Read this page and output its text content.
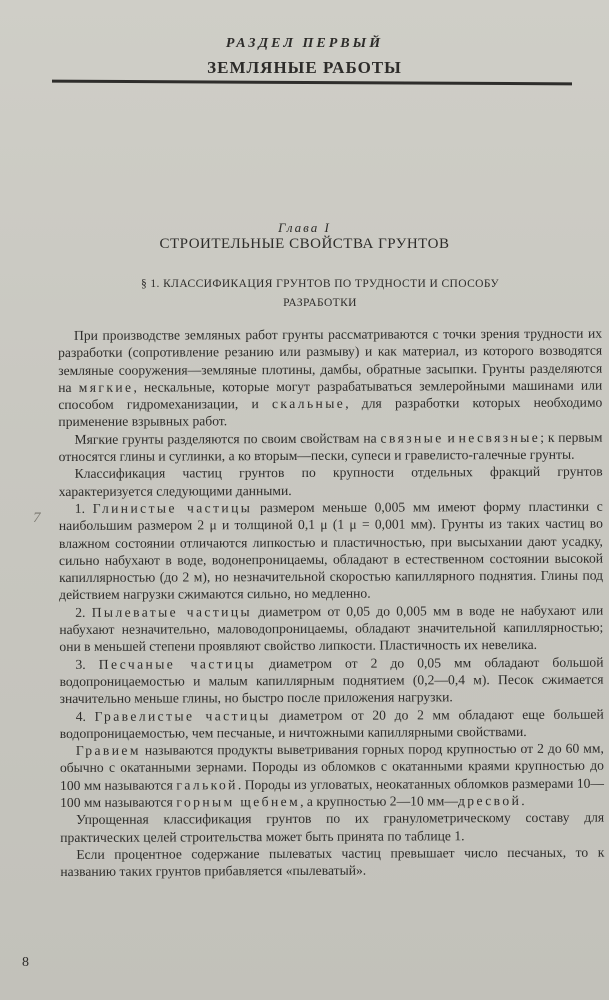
РАЗДЕЛ ПЕРВЫЙ
ЗЕМЛЯНЫЕ РАБОТЫ
Глава I
СТРОИТЕЛЬНЫЕ СВОЙСТВА ГРУНТОВ
§ 1. КЛАССИФИКАЦИЯ ГРУНТОВ ПО ТРУДНОСТИ И СПОСОБУ РАЗРАБОТКИ

При производстве земляных работ грунты рассматриваются с точки зрения трудности их разработки (сопротивление резанию или размыву) и как материал, из которого возводятся земляные сооружения—земляные плотины, дамбы, обратные засыпки. Грунты разделяются на мягкие, нескальные, которые могут разрабатываться землеройными машинами или способом гидромеханизации, и скальные, для разработки которых необходимо применение взрывных работ.

Мягкие грунты разделяются по своим свойствам на связные и несвязные; к первым относятся глины и суглинки, а ко вторым—пески, супеси и гравелисто-галечные грунты.

Классификация частиц грунтов по крупности отдельных фракций грунтов характеризуется следующими данными.

1. Глинистые частицы размером меньше 0,005 мм имеют форму пластинки с наибольшим размером 2 μ и толщиной 0,1 μ (1 μ = 0,001 мм). Грунты из таких частиц во влажном состоянии отличаются липкостью и пластичностью, при высыхании дают усадку, сильно набухают в воде, водонепроницаемы, обладают в естественном состоянии высокой капиллярностью (до 2 м), но незначительной скоростью капиллярного поднятия. Глины под действием нагрузки сжимаются сильно, но медленно.

2. Пылеватые частицы диаметром от 0,05 до 0,005 мм в воде не набухают или набухают незначительно, маловодопроницаемы, обладают значительной капиллярностью; они в меньшей степени проявляют свойство липкости. Пластичность их невелика.

3. Песчаные частицы диаметром от 2 до 0,05 мм обладают большой водопроницаемостью и малым капиллярным поднятием (0,2—0,4 м). Песок сжимается значительно меньше глины, но быстро после приложения нагрузки.

4. Гравелистые частицы диаметром от 20 до 2 мм обладают еще большей водопроницаемостью, чем песчаные, и ничтожными капиллярными свойствами.

Гравием называются продукты выветривания горных пород крупностью от 2 до 60 мм, обычно с окатанными зернами. Породы из обломков с окатанными краями крупностью до 100 мм называются галькой. Породы из угловатых, неокатанных обломков размерами 10—100 мм называются горным щебнем, а крупностью 2—10 мм—дресвой.

Упрощенная классификация грунтов по их гранулометрическому составу для практических целей строительства может быть принята по таблице 1.

Если процентное содержание пылеватых частиц превышает число песчаных, то к названию таких грунтов прибавляется «пылеватый».

7
8
